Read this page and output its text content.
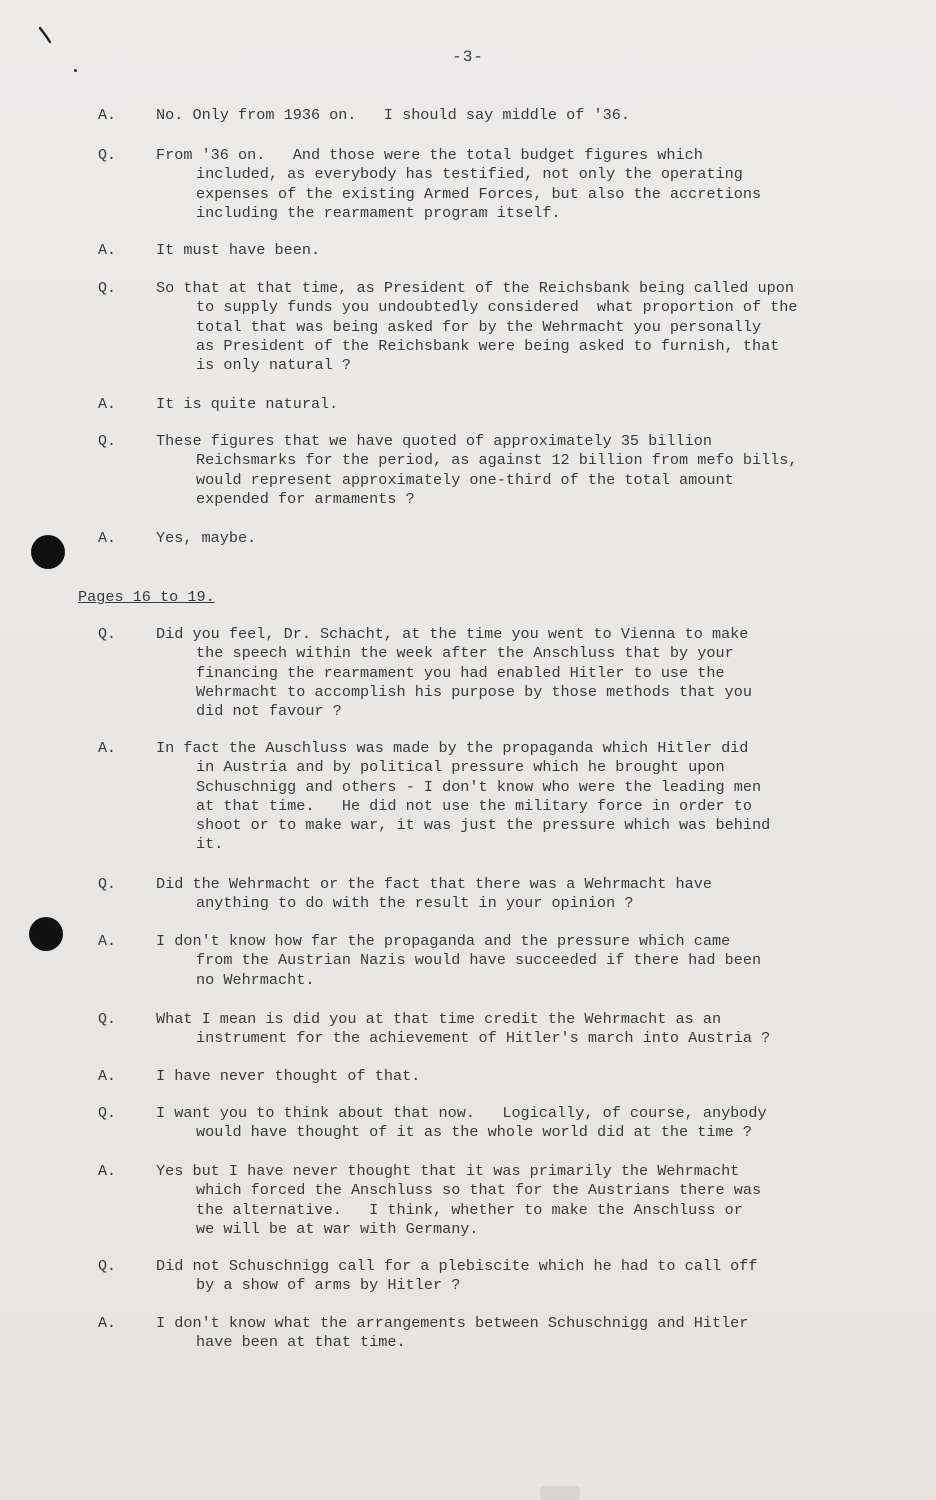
-3-
A.	No. Only from 1936 on.   I should say middle of '36.
Q.	From '36 on.   And those were the total budget figures which
included, as everybody has testified, not only the operating
expenses of the existing Armed Forces, but also the accretions
including the rearmament program itself.
A.	It must have been.
Q.	So that at that time, as President of the Reichsbank being called upon
to supply funds you undoubtedly considered  what proportion of the
total that was being asked for by the Wehrmacht you personally
as President of the Reichsbank were being asked to furnish, that
is only natural ?
A.	It is quite natural.
Q.	These figures that we have quoted of approximately 35 billion
Reichsmarks for the period, as against 12 billion from mefo bills,
would represent approximately one-third of the total amount
expended for armaments ?
A.	Yes, maybe.
Q.	Did you feel, Dr. Schacht, at the time you went to Vienna to make
the speech within the week after the Anschluss that by your
financing the rearmament you had enabled Hitler to use the
Wehrmacht to accomplish his purpose by those methods that you
did not favour ?
A.	In fact the Auschluss was made by the propaganda which Hitler did
in Austria and by political pressure which he brought upon
Schuschnigg and others - I don't know who were the leading men
at that time.   He did not use the military force in order to
shoot or to make war, it was just the pressure which was behind
it.
Q.	Did the Wehrmacht or the fact that there was a Wehrmacht have
anything to do with the result in your opinion ?
A.	I don't know how far the propaganda and the pressure which came
from the Austrian Nazis would have succeeded if there had been
no Wehrmacht.
Q.	What I mean is did you at that time credit the Wehrmacht as an
instrument for the achievement of Hitler's march into Austria ?
A.	I have never thought of that.
Q.	I want you to think about that now.   Logically, of course, anybody
would have thought of it as the whole world did at the time ?
A.	Yes but I have never thought that it was primarily the Wehrmacht
which forced the Anschluss so that for the Austrians there was
the alternative.   I think, whether to make the Anschluss or
we will be at war with Germany.
Q.	Did not Schuschnigg call for a plebiscite which he had to call off
by a show of arms by Hitler ?
A.	I don't know what the arrangements between Schuschnigg and Hitler
have been at that time.
Pages 16 to 19.
